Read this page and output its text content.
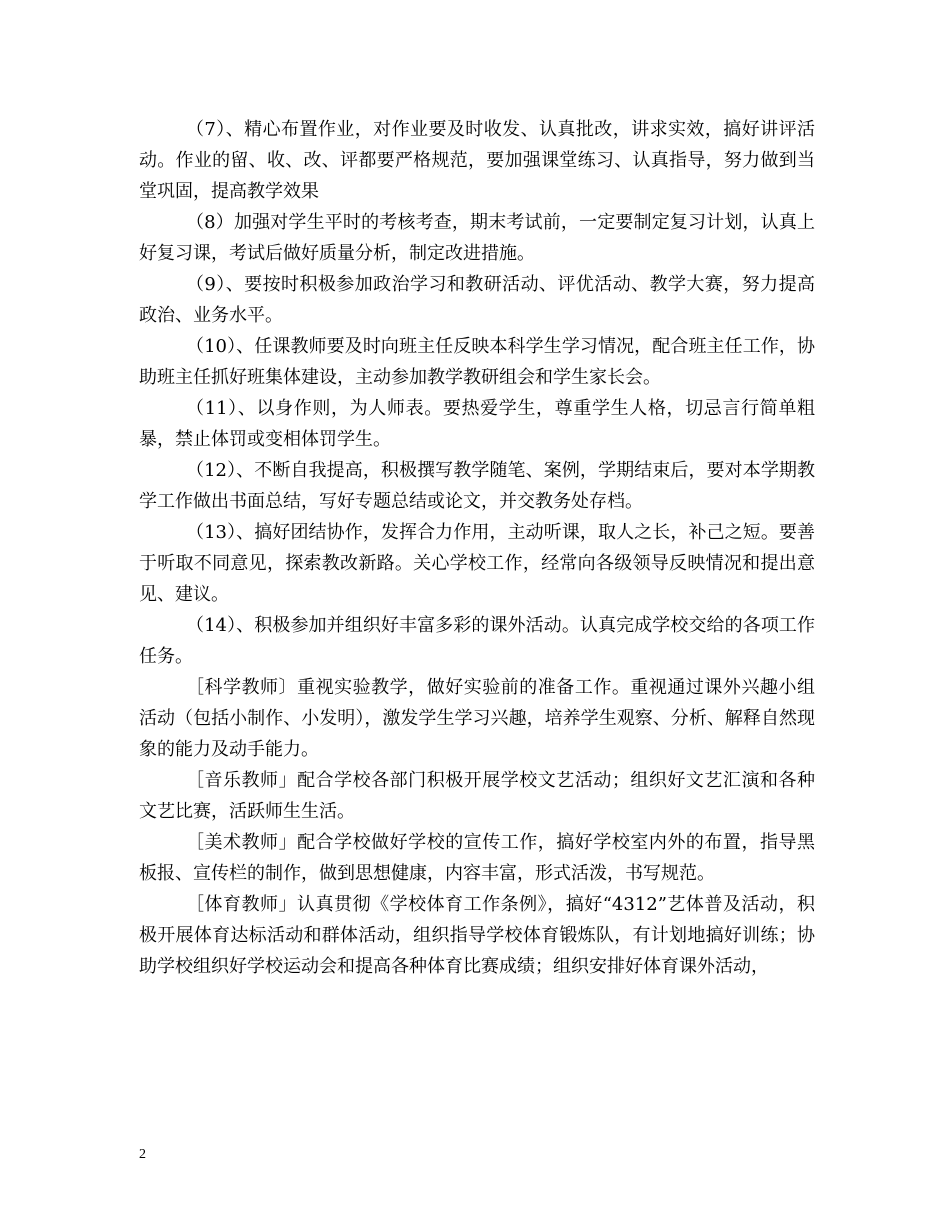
（7）、精心布置作业，对作业要及时收发、认真批改，讲求实效，搞好讲评活动。作业的留、收、改、评都要严格规范，要加强课堂练习、认真指导，努力做到当堂巩固，提高教学效果

（8）加强对学生平时的考核考查，期末考试前，一定要制定复习计划，认真上好复习课，考试后做好质量分析，制定改进措施。

（9）、要按时积极参加政治学习和教研活动、评优活动、教学大赛，努力提高政治、业务水平。

（10）、任课教师要及时向班主任反映本科学生学习情况，配合班主任工作，协助班主任抓好班集体建设，主动参加教学教研组会和学生家长会。

（11）、以身作则，为人师表。要热爱学生，尊重学生人格，切忌言行简单粗暴，禁止体罚或变相体罚学生。

（12）、不断自我提高，积极撰写教学随笔、案例，学期结束后，要对本学期教学工作做出书面总结，写好专题总结或论文，并交教务处存档。

（13）、搞好团结协作，发挥合力作用，主动听课，取人之长，补己之短。要善于听取不同意见，探索教改新路。关心学校工作，经常向各级领导反映情况和提出意见、建议。

（14）、积极参加并组织好丰富多彩的课外活动。认真完成学校交给的各项工作任务。

［科学教师〕重视实验教学，做好实验前的准备工作。重视通过课外兴趣小组活动（包括小制作、小发明），激发学生学习兴趣，培养学生观察、分析、解释自然现象的能力及动手能力。

［音乐教师」配合学校各部门积极开展学校文艺活动；组织好文艺汇演和各种文艺比赛，活跃师生生活。

［美术教师」配合学校做好学校的宣传工作，搞好学校室内外的布置，指导黑板报、宣传栏的制作，做到思想健康，内容丰富，形式活泼，书写规范。

［体育教师」认真贯彻《学校体育工作条例》，搞好“4312”艺体普及活动，积极开展体育达标活动和群体活动，组织指导学校体育锻炼队，有计划地搞好训练；协助学校组织好学校运动会和提高各种体育比赛成绩；组织安排好体育课外活动，

2
